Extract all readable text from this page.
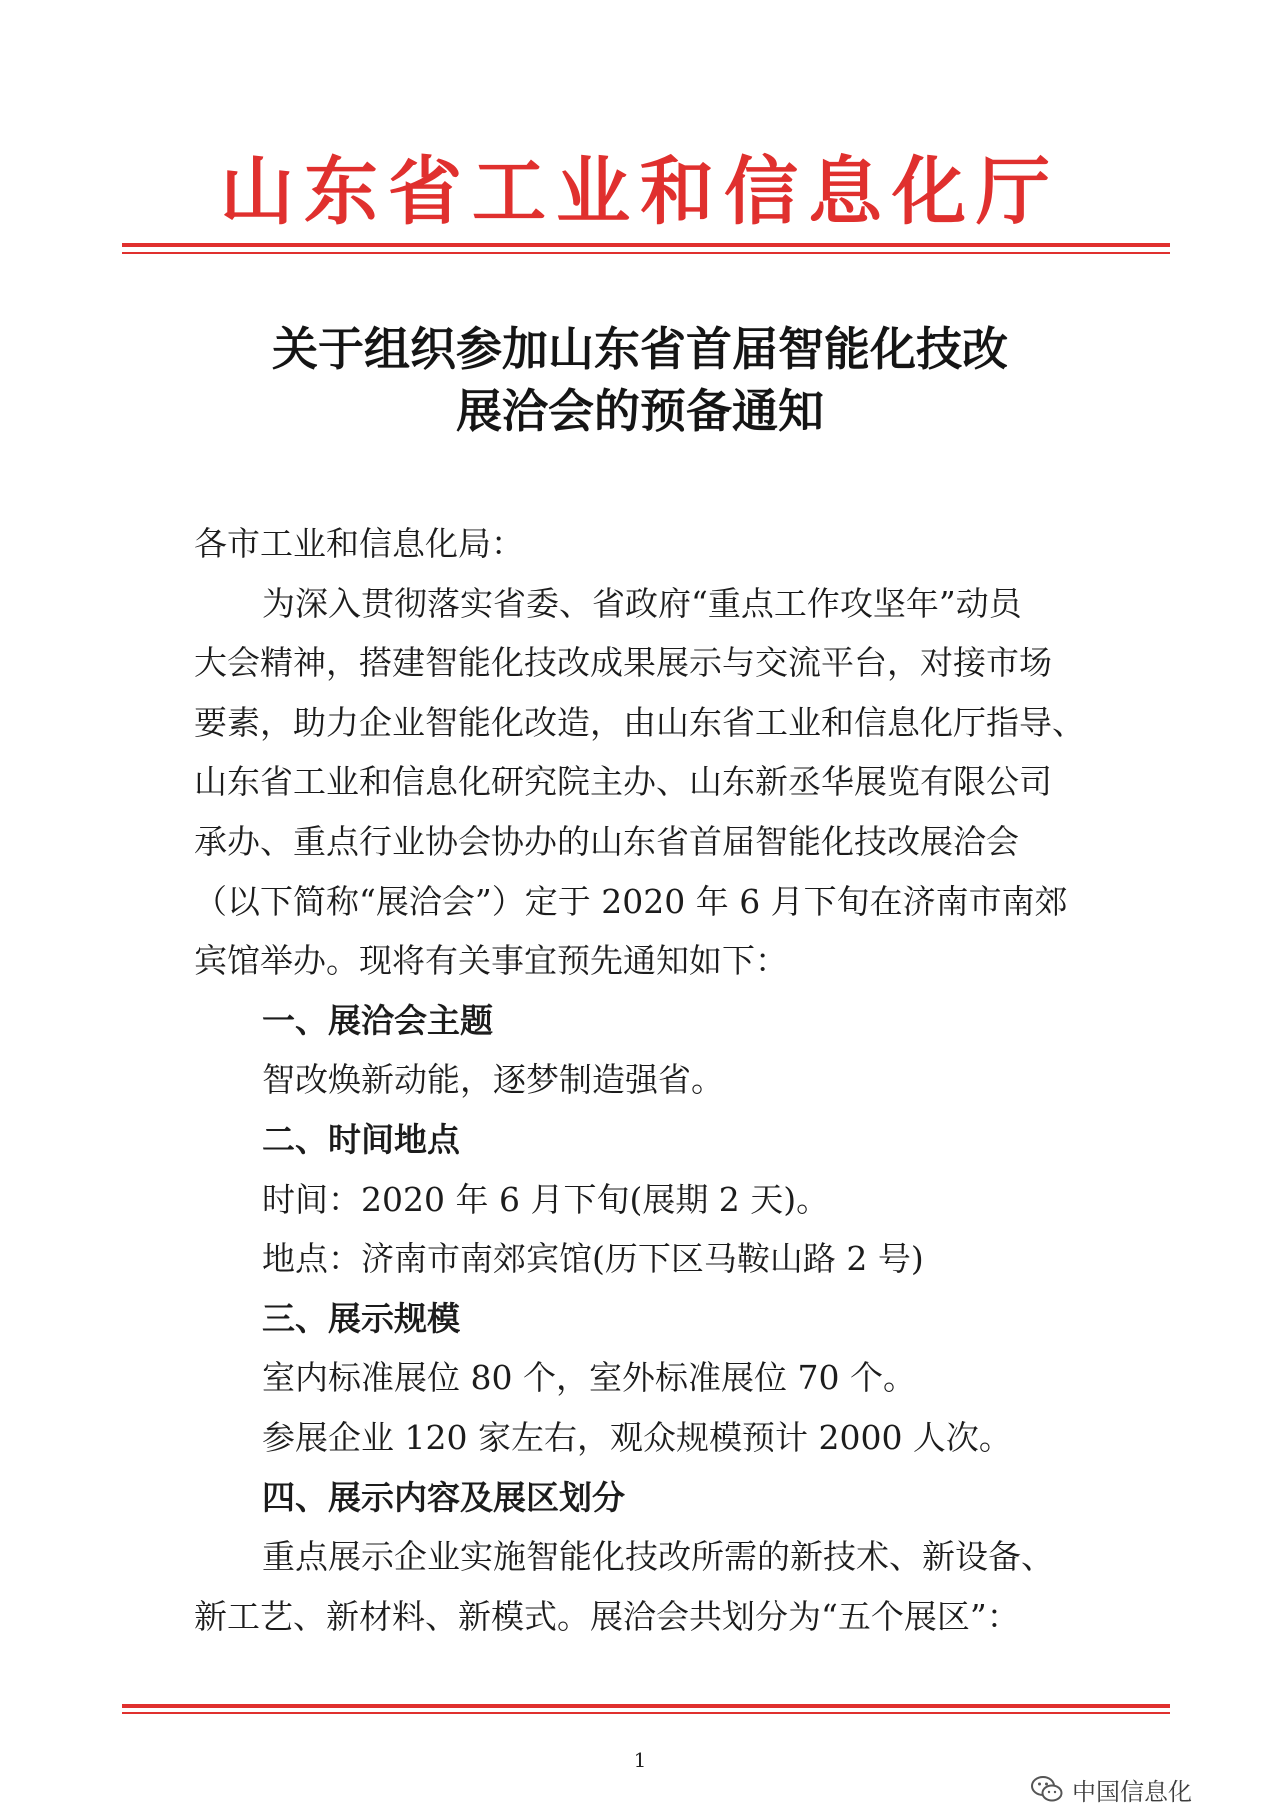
山东省工业和信息化厅
关于组织参加山东省首届智能化技改
展洽会的预备通知
各市工业和信息化局：
为深入贯彻落实省委、省政府“重点工作攻坚年”动员
大会精神，搭建智能化技改成果展示与交流平台，对接市场
要素，助力企业智能化改造，由山东省工业和信息化厅指导、
山东省工业和信息化研究院主办、山东新丞华展览有限公司
承办、重点行业协会协办的山东省首届智能化技改展洽会
（以下简称“展洽会”）定于 2020 年 6 月下旬在济南市南郊
宾馆举办。现将有关事宜预先通知如下：
一、展洽会主题
智改焕新动能，逐梦制造强省。
二、时间地点
时间：2020 年 6 月下旬(展期 2 天)。
地点：济南市南郊宾馆(历下区马鞍山路 2 号)
三、展示规模
室内标准展位 80 个，室外标准展位 70 个。
参展企业 120 家左右，观众规模预计 2000 人次。
四、展示内容及展区划分
重点展示企业实施智能化技改所需的新技术、新设备、
新工艺、新材料、新模式。展洽会共划分为“五个展区”：
1
中国信息化
